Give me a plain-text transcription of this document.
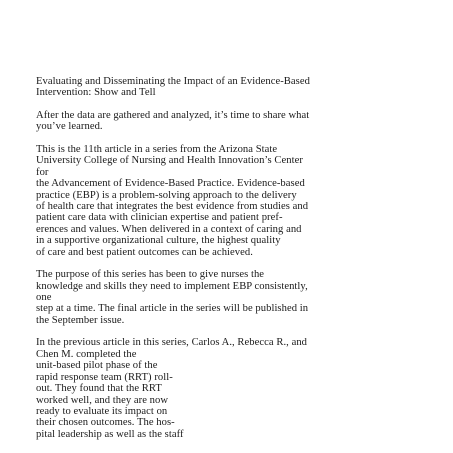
Evaluating and Disseminating the Impact of an Evidence-Based
Intervention: Show and Tell
After the data are gathered and analyzed, it’s time to share what
you’ve learned.
This is the 11th article in a series from the Arizona State
University College of Nursing and Health Innovation’s Center
for
the Advancement of Evidence-Based Practice. Evidence-based
practice (EBP) is a problem-solving approach to the delivery
of health care that integrates the best evidence from studies and
patient care data with clinician expertise and patient pref-
erences and values. When delivered in a context of caring and
in a supportive organizational culture, the highest quality
of care and best patient outcomes can be achieved.
The purpose of this series has been to give nurses the
knowledge and skills they need to implement EBP consistently,
one
step at a time. The final article in the series will be published in
the September issue.
In the previous article in this series, Carlos A., Rebecca R., and
Chen M. completed the
unit-based pilot phase of the
rapid response team (RRT) roll-
out. They found that the RRT
worked well, and they are now
ready to evaluate its impact on
their chosen outcomes. The hos-
pital leadership as well as the staff
